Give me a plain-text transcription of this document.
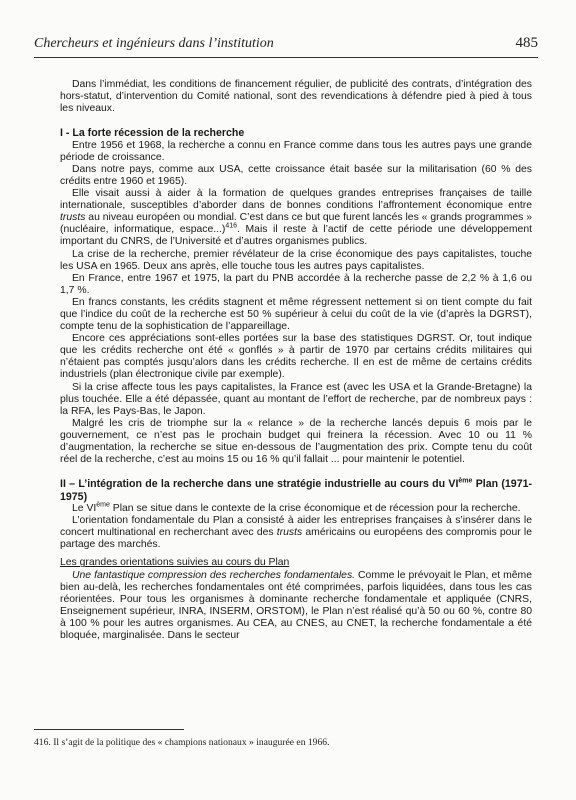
Chercheurs et ingénieurs dans l’institution	485

Dans l’immédiat, les conditions de financement régulier, de publicité des contrats, d’intégration des hors-statut, d’intervention du Comité national, sont des revendications à défendre pied à pied à tous les niveaux.

I - La forte récession de la recherche

Entre 1956 et 1968, la recherche a connu en France comme dans tous les autres pays une grande période de croissance.

Dans notre pays, comme aux USA, cette croissance était basée sur la militarisation (60 % des crédits entre 1960 et 1965).

Elle visait aussi à aider à la formation de quelques grandes entreprises françaises de taille internationale, susceptibles d’aborder dans de bonnes conditions l’affrontement économique entre trusts au niveau européen ou mondial. C’est dans ce but que furent lancés les « grands programmes » (nucléaire, informatique, espace...)$^{416}$. Mais il reste à l’actif de cette période une développement important du CNRS, de l’Université et d’autres organismes publics.

La crise de la recherche, premier révélateur de la crise économique des pays capitalistes, touche les USA en 1965. Deux ans après, elle touche tous les autres pays capitalistes.

En France, entre 1967 et 1975, la part du PNB accordée à la recherche passe de 2,2 % à 1,6 ou 1,7 %.

En francs constants, les crédits stagnent et même régressent nettement si on tient compte du fait que l’indice du coût de la recherche est 50 % supérieur à celui du coût de la vie (d’après la DGRST), compte tenu de la sophistication de l’appareillage.

Encore ces appréciations sont-elles portées sur la base des statistiques DGRST. Or, tout indique que les crédits recherche ont été « gonflés » à partir de 1970 par certains crédits militaires qui n’étaient pas comptés jusqu’alors dans les crédits recherche. Il en est de même de certains crédits industriels (plan électronique civile par exemple).

Si la crise affecte tous les pays capitalistes, la France est (avec les USA et la Grande-Bretagne) la plus touchée. Elle a été dépassée, quant au montant de l’effort de recherche, par de nombreux pays : la RFA, les Pays-Bas, le Japon.

Malgré les cris de triomphe sur la « relance » de la recherche lancés depuis 6 mois par le gouvernement, ce n’est pas le prochain budget qui freinera la récession. Avec 10 ou 11 % d’augmentation, la recherche se situe en-dessous de l’augmentation des prix. Compte tenu du coût réel de la recherche, c’est au moins 15 ou 16 % qu’il fallait ... pour maintenir le potentiel.

II – L’intégration de la recherche dans une stratégie industrielle au cours du VIème Plan (1971-1975)

Le VIème Plan se situe dans le contexte de la crise économique et de récession pour la recherche.

L’orientation fondamentale du Plan a consisté à aider les entreprises françaises à s’insérer dans le concert multinational en recherchant avec des trusts américains ou européens des compromis pour le partage des marchés.

Les grandes orientations suivies au cours du Plan

Une fantastique compression des recherches fondamentales. Comme le prévoyait le Plan, et même bien au-delà, les recherches fondamentales ont été comprimées, parfois liquidées, dans tous les cas réorientées. Pour tous les organismes à dominante recherche fondamentale et appliquée (CNRS, Enseignement supérieur, INRA, INSERM, ORSTOM), le Plan n’est réalisé qu’à 50 ou 60 %, contre 80 à 100 % pour les autres organismes. Au CEA, au CNES, au CNET, la recherche fondamentale a été bloquée, marginalisée. Dans le secteur

416. Il s’agit de la politique des « champions nationaux » inaugurée en 1966.
